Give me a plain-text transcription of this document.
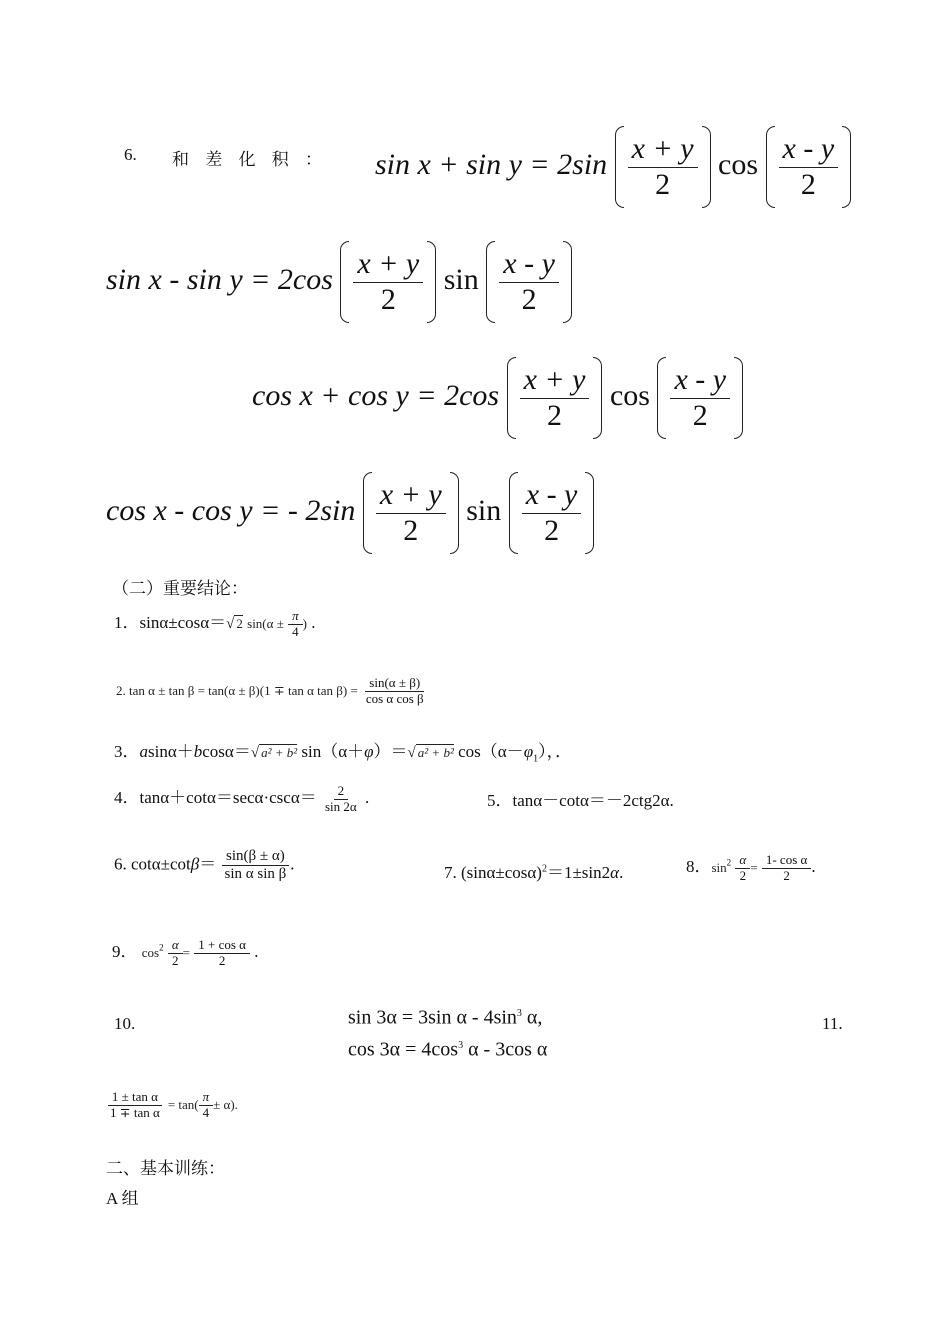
6. 和 差 化 积 ： $\sin x + \sin y = 2\sin \frac{x + y}{2}$ $\cos \frac{x - y}{2}$
$\sin x - \sin y = 2\cos \frac{x + y}{2}$ $\sin \frac{x - y}{2}$
$\cos x + \cos y = 2\cos \frac{x + y}{2}$ $\cos \frac{x - y}{2}$
cos x - cos y = - $2\sin \frac{x + y}{2}$ $\sin \frac{x - y}{2}$
（二）重要结论：
1．sinα±cosα＝√ 2 $\sin(\alpha \pm \frac{\pi}{4}$ ) .
2. tan α ± tan β = tan(α ± β)(1 ∓ tan α $\tan \beta) = \frac{\sin(\alpha \pm \beta)}{\text{cos α cos β}}$
3．asinα＋bcosα＝√ a² + b² sin（α＋φ）＝√ a² + b² $\cos(\alpha-\varphi_1)$，．
4．$\tan\alpha+\cot\alpha=\sec\alpha\cdot\csc\alpha= \frac{2}{\sin 2\alpha}$ .	5．tanα－cotα＝－2ctg2α.
6. $\cot\alpha\pm\cot\beta= \frac{\sin(\beta \pm \alpha)}{\text{sin α sin β}}$ .	7. $(\sin\alpha\pm\cos\alpha)^2=1\pm\sin 2\alpha$.	8．$\sin^2 \frac{\alpha}{2} = \frac{\text{1- cos α}}{2}$ .
9． $\cos^2 \frac{\alpha}{2} = \frac{\text{1 + cos α}}{2}$ .
10.	sin 3α = 3sin α - $4\sin^3$ α,
$\cos 3\alpha = 4\cos^3$ α - 3cos α
11.
$\frac{\text{1 ± tan α}}{\text{1 ∓ tan α}} = \tan( \frac{\pi}{4} \pm \alpha)$.
二、基本训练：
A 组
